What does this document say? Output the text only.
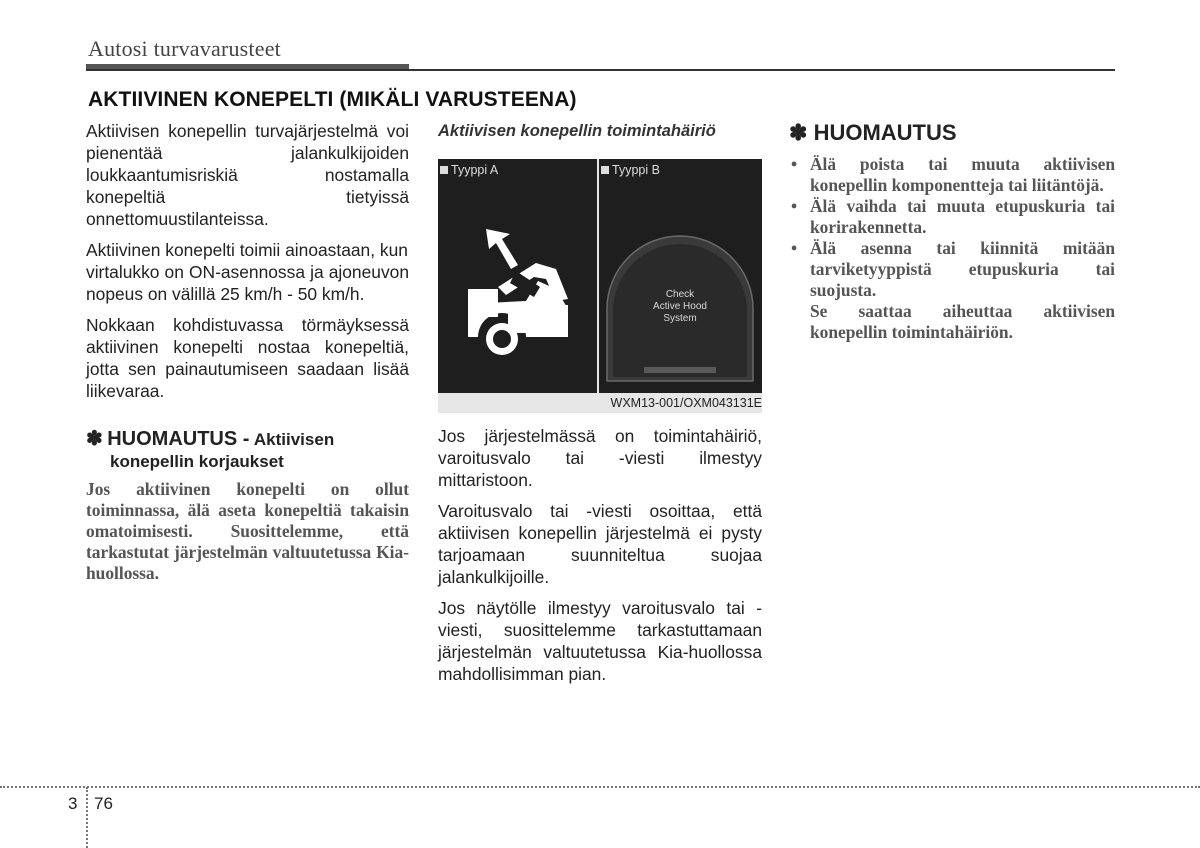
Autosi turvavarusteet
AKTIIVINEN KONEPELTI (MIKÄLI VARUSTEENA)

Aktiivisen konepellin turvajärjestelmä voi pienentää jalankulkijoiden loukkaantumisriskiä nostamalla konepeltiä tietyissä onnettomuustilanteissa.

Aktiivinen konepelti toimii ainoastaan, kun

virtalukko on ON-asennossa ja ajoneuvon nopeus on välillä 25 km/h - 50 km/h.

Nokkaan kohdistuvassa törmäyksessä aktiivinen konepelti nostaa konepeltiä, jotta sen painautumiseen saadaan lisää liikevaraa.

✽ HUOMAUTUS - Aktiivisen
konepellin korjaukset

Jos aktiivinen konepelti on ollut toiminnassa, älä aseta konepeltiä takaisin omatoimisesti. Suosittelemme, että tarkastutat järjestelmän valtuutetussa Kia-huollossa.

Aktiivisen konepellin toimintahäiriö
Tyyppi A	Tyyppi B
Check
Active Hood
System
WXM13-001/OXM043131E

Jos järjestelmässä on toimintahäiriö, varoitusvalo tai -viesti ilmestyy mittaristoon.

Varoitusvalo tai -viesti osoittaa, että aktiivisen konepellin järjestelmä ei pysty tarjoamaan suunniteltua suojaa jalankulkijoille.

Jos näytölle ilmestyy varoitusvalo tai -viesti, suosittelemme tarkastuttamaan järjestelmän valtuutetussa Kia-huollossa mahdollisimman pian.

✽ HUOMAUTUS
• Älä poista tai muuta aktiivisen konepellin komponentteja tai liitäntöjä.
• Älä vaihda tai muuta etupuskuria tai korirakennetta.
• Älä asenna tai kiinnitä mitään tarviketyyppistä etupuskuria tai suojusta.
Se saattaa aiheuttaa aktiivisen konepellin toimintahäiriön.
3 76
